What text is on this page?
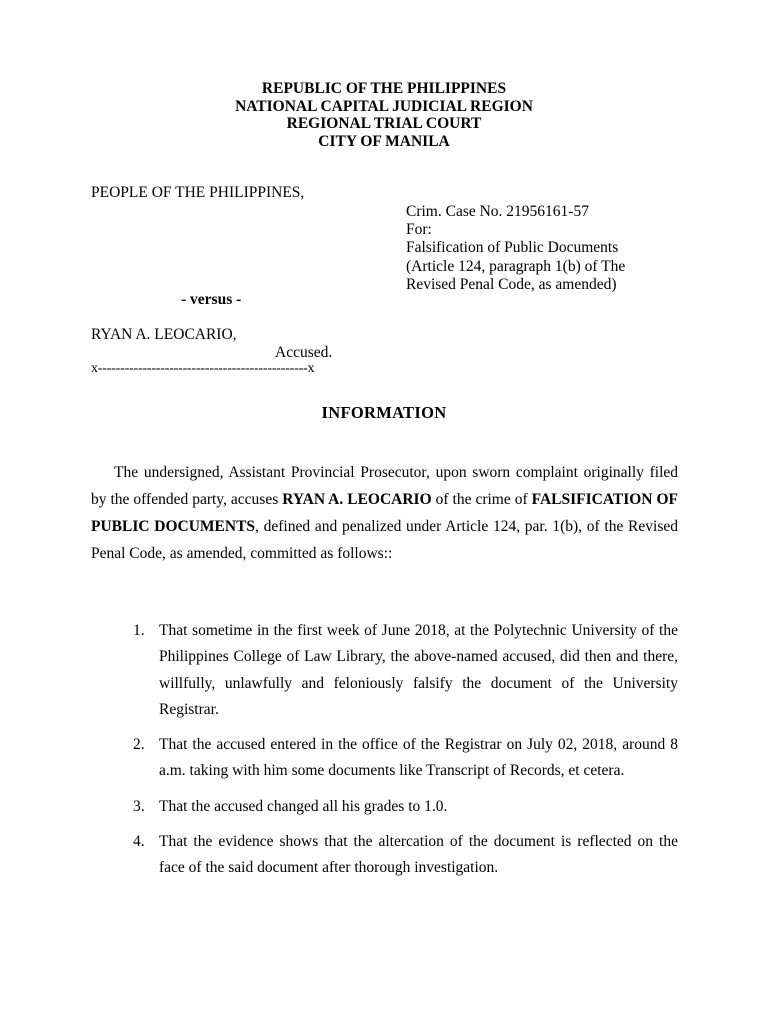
REPUBLIC OF THE PHILIPPINES
NATIONAL CAPITAL JUDICIAL REGION
REGIONAL TRIAL COURT
CITY OF MANILA
PEOPLE OF THE PHILIPPINES,
Crim. Case No. 21956161-57
For:
Falsification of Public Documents
(Article 124, paragraph 1(b) of The
Revised Penal Code, as amended)
- versus -
RYAN A. LEOCARIO,
Accused.
x-----------------------------------------------x
INFORMATION
The undersigned, Assistant Provincial Prosecutor, upon sworn complaint originally filed by the offended party, accuses RYAN A. LEOCARIO of the crime of FALSIFICATION OF PUBLIC DOCUMENTS, defined and penalized under Article 124, par. 1(b), of the Revised Penal Code, as amended, committed as follows::
1. That sometime in the first week of June 2018, at the Polytechnic University of the Philippines College of Law Library, the above-named accused, did then and there, willfully, unlawfully and feloniously falsify the document of the University Registrar.
2. That the accused entered in the office of the Registrar on July 02, 2018, around 8 a.m. taking with him some documents like Transcript of Records, et cetera.
3. That the accused changed all his grades to 1.0.
4. That the evidence shows that the altercation of the document is reflected on the face of the said document after thorough investigation.
